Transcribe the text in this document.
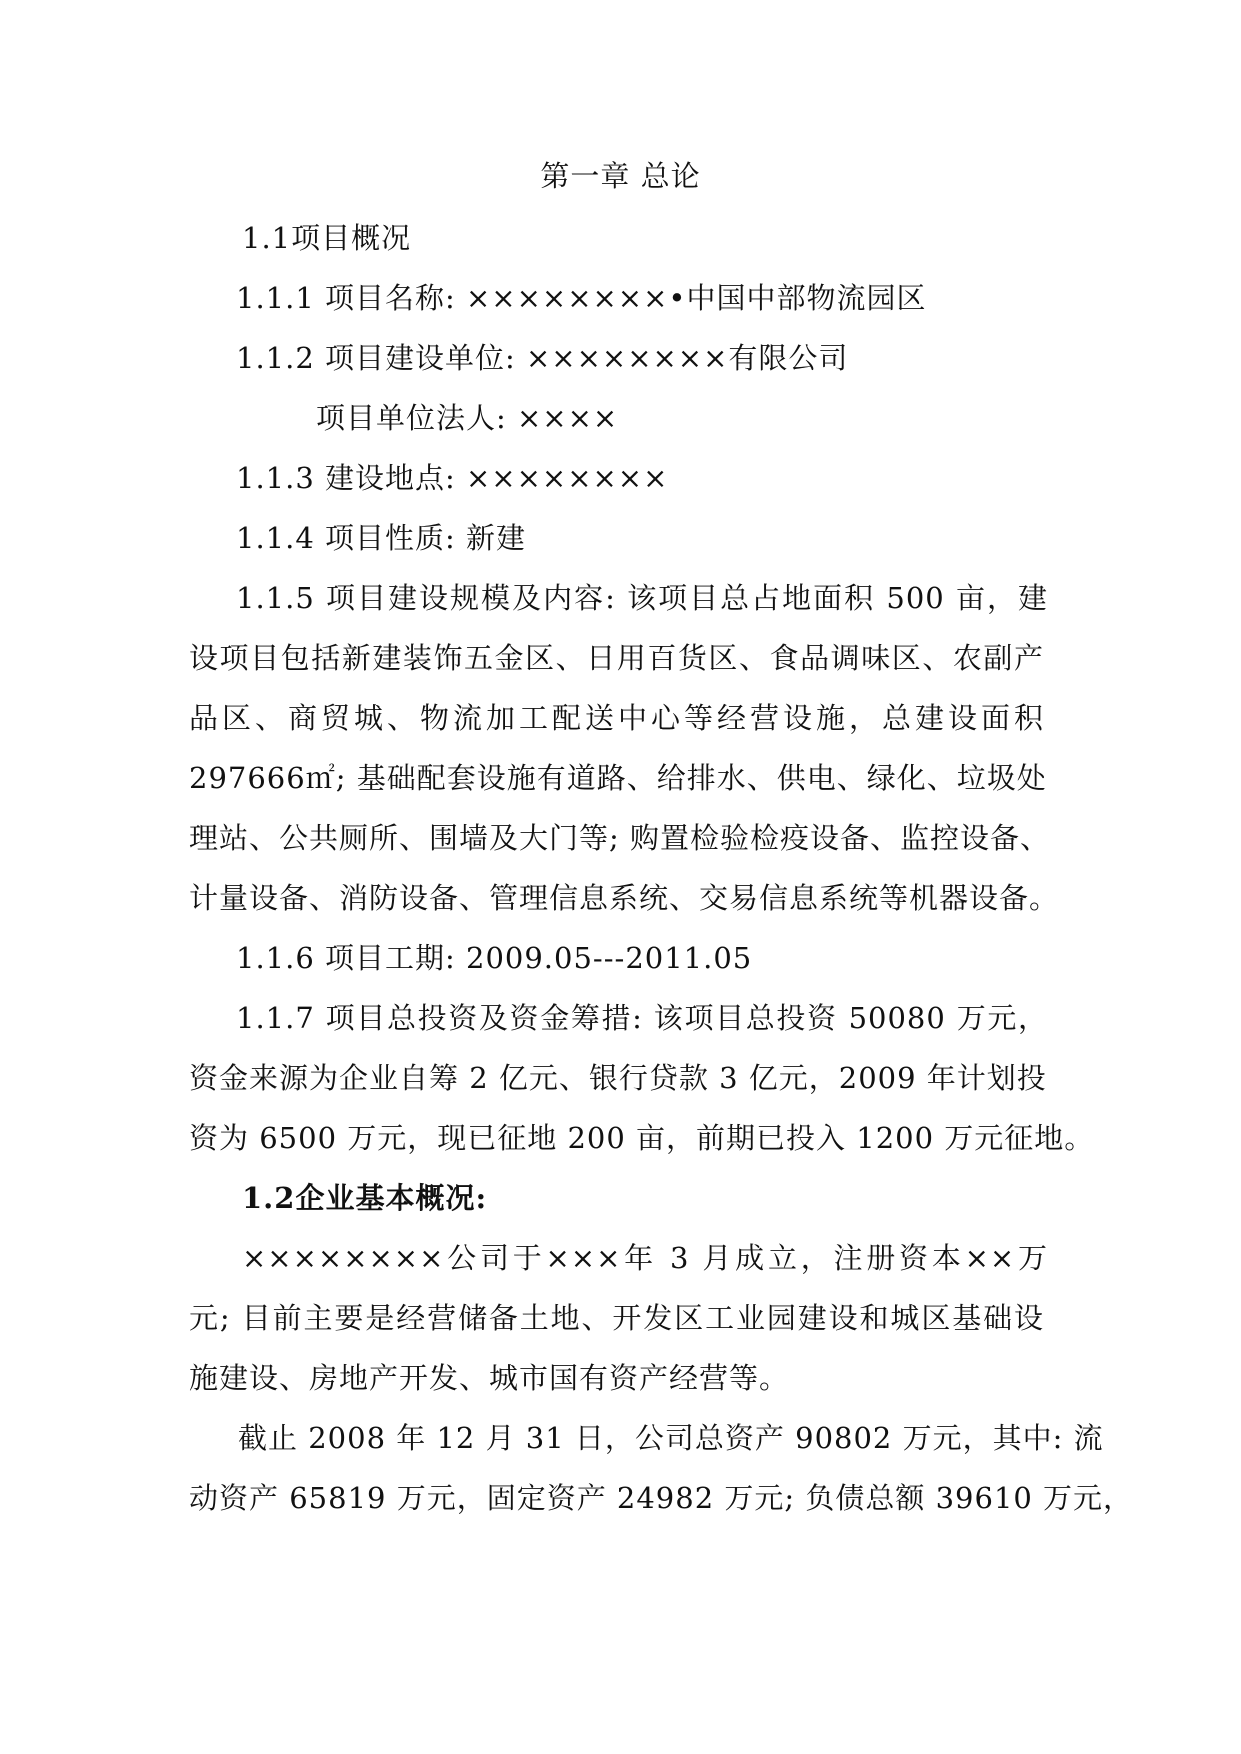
第一章 总论
1.1项目概况
1.1.1 项目名称: ××××××××•中国中部物流园区
1.1.2 项目建设单位: ××××××××有限公司
项目单位法人: ××××
1.1.3 建设地点: ××××××××
1.1.4 项目性质: 新建
1.1.5 项目建设规模及内容: 该项目总占地面积 500 亩，建
设项目包括新建装饰五金区、日用百货区、食品调味区、农副产
品区、商贸城、物流加工配送中心等经营设施，总建设面积
297666㎡; 基础配套设施有道路、给排水、供电、绿化、垃圾处
理站、公共厕所、围墙及大门等; 购置检验检疫设备、监控设备、
计量设备、消防设备、管理信息系统、交易信息系统等机器设备。
1.1.6 项目工期: 2009.05---2011.05
1.1.7 项目总投资及资金筹措: 该项目总投资 50080 万元，
资金来源为企业自筹 2 亿元、银行贷款 3 亿元，2009 年计划投
资为 6500 万元，现已征地 200 亩，前期已投入 1200 万元征地。
1.2企业基本概况:
××××××××公司于×××年 3 月成立，注册资本××万
元; 目前主要是经营储备土地、开发区工业园建设和城区基础设
施建设、房地产开发、城市国有资产经营等。
截止 2008 年 12 月 31 日，公司总资产 90802 万元，其中: 流
动资产 65819 万元，固定资产 24982 万元; 负债总额 39610 万元，
